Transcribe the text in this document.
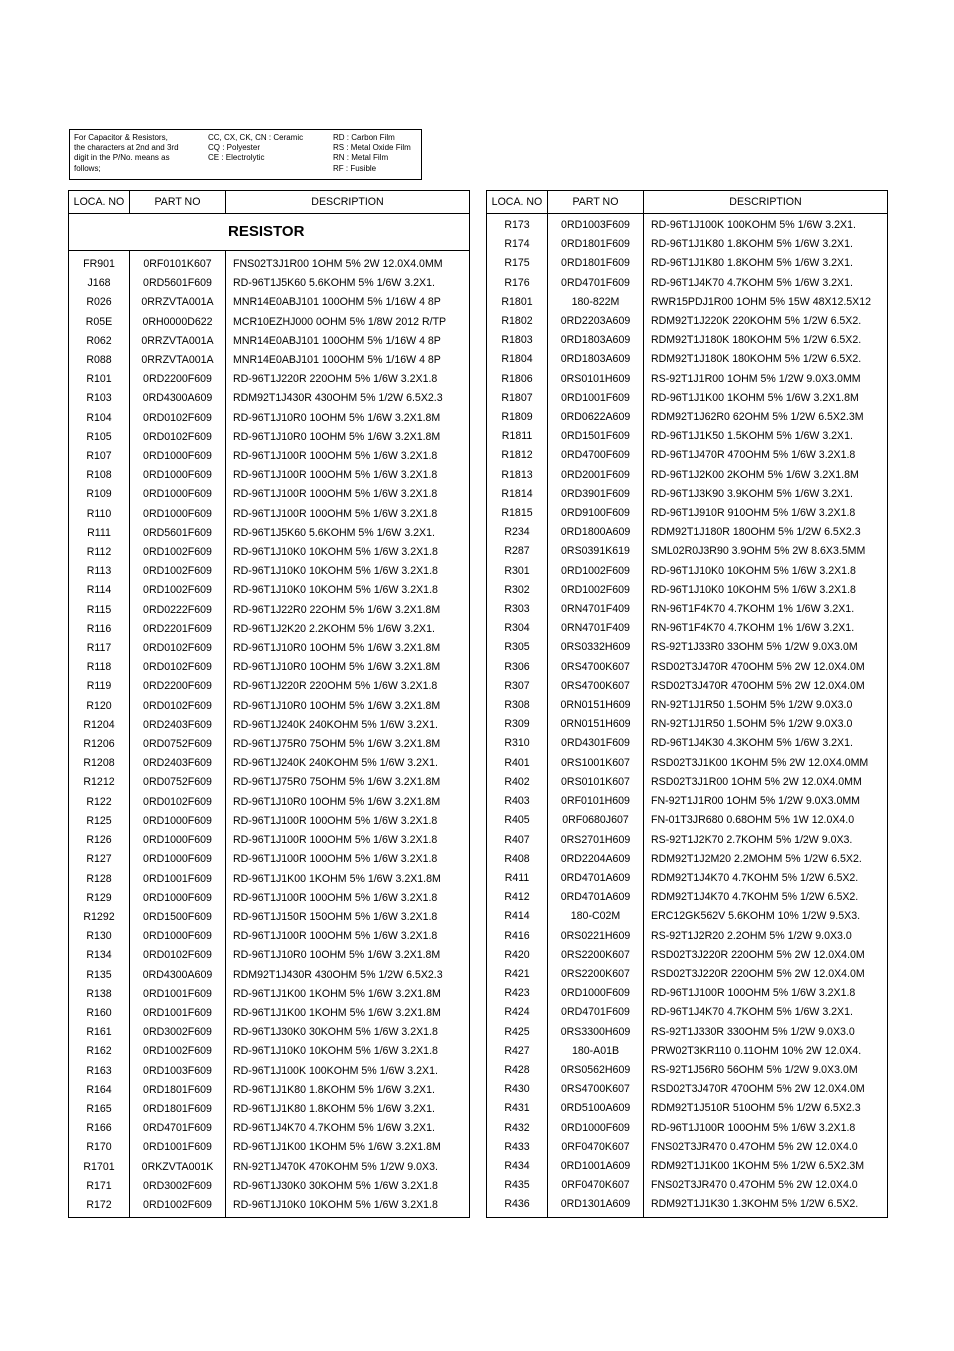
For Capacitor & Resistors,
the characters at 2nd and 3rd
digit in the P/No. means as
follows;
CC, CX, CK, CN : Ceramic
CQ : Polyester
CE : Electrolytic
RD : Carbon Film
RS : Metal Oxide Film
RN : Metal Film
RF : Fusible
LOCA. NO	PART NO	DESCRIPTION
RESISTOR		

FR901	0RF0101K607	FNS02T3J1R00 1OHM 5% 2W 12.0X4.0MM
J168	0RD5601F609	RD-96T1J5K60 5.6KOHM 5% 1/6W 3.2X1.
R026	0RRZVTA001A	MNR14E0ABJ101 100OHM 5% 1/16W 4 8P
R05E	0RH0000D622	MCR10EZHJ000 0OHM 5% 1/8W 2012 R/TP
R062	0RRZVTA001A	MNR14E0ABJ101 100OHM 5% 1/16W 4 8P
R088	0RRZVTA001A	MNR14E0ABJ101 100OHM 5% 1/16W 4 8P
R101	0RD2200F609	RD-96T1J220R 220OHM 5% 1/6W 3.2X1.8
R103	0RD4300A609	RDM92T1J430R 430OHM 5% 1/2W 6.5X2.3
R104	0RD0102F609	RD-96T1J10R0 10OHM 5% 1/6W 3.2X1.8M
R105	0RD0102F609	RD-96T1J10R0 10OHM 5% 1/6W 3.2X1.8M
R107	0RD1000F609	RD-96T1J100R 100OHM 5% 1/6W 3.2X1.8
R108	0RD1000F609	RD-96T1J100R 100OHM 5% 1/6W 3.2X1.8
R109	0RD1000F609	RD-96T1J100R 100OHM 5% 1/6W 3.2X1.8
R110	0RD1000F609	RD-96T1J100R 100OHM 5% 1/6W 3.2X1.8
R111	0RD5601F609	RD-96T1J5K60 5.6KOHM 5% 1/6W 3.2X1.
R112	0RD1002F609	RD-96T1J10K0 10KOHM 5% 1/6W 3.2X1.8
R113	0RD1002F609	RD-96T1J10K0 10KOHM 5% 1/6W 3.2X1.8
R114	0RD1002F609	RD-96T1J10K0 10KOHM 5% 1/6W 3.2X1.8
R115	0RD0222F609	RD-96T1J22R0 22OHM 5% 1/6W 3.2X1.8M
R116	0RD2201F609	RD-96T1J2K20 2.2KOHM 5% 1/6W 3.2X1.
R117	0RD0102F609	RD-96T1J10R0 10OHM 5% 1/6W 3.2X1.8M
R118	0RD0102F609	RD-96T1J10R0 10OHM 5% 1/6W 3.2X1.8M
R119	0RD2200F609	RD-96T1J220R 220OHM 5% 1/6W 3.2X1.8
R120	0RD0102F609	RD-96T1J10R0 10OHM 5% 1/6W 3.2X1.8M
R1204	0RD2403F609	RD-96T1J240K 240KOHM 5% 1/6W 3.2X1.
R1206	0RD0752F609	RD-96T1J75R0 75OHM 5% 1/6W 3.2X1.8M
R1208	0RD2403F609	RD-96T1J240K 240KOHM 5% 1/6W 3.2X1.
R1212	0RD0752F609	RD-96T1J75R0 75OHM 5% 1/6W 3.2X1.8M
R122	0RD0102F609	RD-96T1J10R0 10OHM 5% 1/6W 3.2X1.8M
R125	0RD1000F609	RD-96T1J100R 100OHM 5% 1/6W 3.2X1.8
R126	0RD1000F609	RD-96T1J100R 100OHM 5% 1/6W 3.2X1.8
R127	0RD1000F609	RD-96T1J100R 100OHM 5% 1/6W 3.2X1.8
R128	0RD1001F609	RD-96T1J1K00 1KOHM 5% 1/6W 3.2X1.8M
R129	0RD1000F609	RD-96T1J100R 100OHM 5% 1/6W 3.2X1.8
R1292	0RD1500F609	RD-96T1J150R 150OHM 5% 1/6W 3.2X1.8
R130	0RD1000F609	RD-96T1J100R 100OHM 5% 1/6W 3.2X1.8
R134	0RD0102F609	RD-96T1J10R0 10OHM 5% 1/6W 3.2X1.8M
R135	0RD4300A609	RDM92T1J430R 430OHM 5% 1/2W 6.5X2.3
R138	0RD1001F609	RD-96T1J1K00 1KOHM 5% 1/6W 3.2X1.8M
R160	0RD1001F609	RD-96T1J1K00 1KOHM 5% 1/6W 3.2X1.8M
R161	0RD3002F609	RD-96T1J30K0 30KOHM 5% 1/6W 3.2X1.8
R162	0RD1002F609	RD-96T1J10K0 10KOHM 5% 1/6W 3.2X1.8
R163	0RD1003F609	RD-96T1J100K 100KOHM 5% 1/6W 3.2X1.
R164	0RD1801F609	RD-96T1J1K80 1.8KOHM 5% 1/6W 3.2X1.
R165	0RD1801F609	RD-96T1J1K80 1.8KOHM 5% 1/6W 3.2X1.
R166	0RD4701F609	RD-96T1J4K70 4.7KOHM 5% 1/6W 3.2X1.
R170	0RD1001F609	RD-96T1J1K00 1KOHM 5% 1/6W 3.2X1.8M
R1701	0RKZVTA001K	RN-92T1J470K 470KOHM 5% 1/2W 9.0X3.
R171	0RD3002F609	RD-96T1J30K0 30KOHM 5% 1/6W 3.2X1.8
R172	0RD1002F609	RD-96T1J10K0 10KOHM 5% 1/6W 3.2X1.8

LOCA. NO	PART NO	DESCRIPTION

R173	0RD1003F609	RD-96T1J100K 100KOHM 5% 1/6W 3.2X1.
R174	0RD1801F609	RD-96T1J1K80 1.8KOHM 5% 1/6W 3.2X1.
R175	0RD1801F609	RD-96T1J1K80 1.8KOHM 5% 1/6W 3.2X1.
R176	0RD4701F609	RD-96T1J4K70 4.7KOHM 5% 1/6W 3.2X1.
R1801	180-822M	RWR15PDJ1R00 1OHM 5% 15W 48X12.5X12
R1802	0RD2203A609	RDM92T1J220K 220KOHM 5% 1/2W 6.5X2.
R1803	0RD1803A609	RDM92T1J180K 180KOHM 5% 1/2W 6.5X2.
R1804	0RD1803A609	RDM92T1J180K 180KOHM 5% 1/2W 6.5X2.
R1806	0RS0101H609	RS-92T1J1R00 1OHM 5% 1/2W 9.0X3.0MM
R1807	0RD1001F609	RD-96T1J1K00 1KOHM 5% 1/6W 3.2X1.8M
R1809	0RD0622A609	RDM92T1J62R0 62OHM 5% 1/2W 6.5X2.3M
R1811	0RD1501F609	RD-96T1J1K50 1.5KOHM 5% 1/6W 3.2X1.
R1812	0RD4700F609	RD-96T1J470R 470OHM 5% 1/6W 3.2X1.8
R1813	0RD2001F609	RD-96T1J2K00 2KOHM 5% 1/6W 3.2X1.8M
R1814	0RD3901F609	RD-96T1J3K90 3.9KOHM 5% 1/6W 3.2X1.
R1815	0RD9100F609	RD-96T1J910R 910OHM 5% 1/6W 3.2X1.8
R234	0RD1800A609	RDM92T1J180R 180OHM 5% 1/2W 6.5X2.3
R287	0RS0391K619	SML02R0J3R90 3.9OHM 5% 2W 8.6X3.5MM
R301	0RD1002F609	RD-96T1J10K0 10KOHM 5% 1/6W 3.2X1.8
R302	0RD1002F609	RD-96T1J10K0 10KOHM 5% 1/6W 3.2X1.8
R303	0RN4701F409	RN-96T1F4K70 4.7KOHM 1% 1/6W 3.2X1.
R304	0RN4701F409	RN-96T1F4K70 4.7KOHM 1% 1/6W 3.2X1.
R305	0RS0332H609	RS-92T1J33R0 33OHM 5% 1/2W 9.0X3.0M
R306	0RS4700K607	RSD02T3J470R 470OHM 5% 2W 12.0X4.0M
R307	0RS4700K607	RSD02T3J470R 470OHM 5% 2W 12.0X4.0M
R308	0RN0151H609	RN-92T1J1R50 1.5OHM 5% 1/2W 9.0X3.0
R309	0RN0151H609	RN-92T1J1R50 1.5OHM 5% 1/2W 9.0X3.0
R310	0RD4301F609	RD-96T1J4K30 4.3KOHM 5% 1/6W 3.2X1.
R401	0RS1001K607	RSD02T3J1K00 1KOHM 5% 2W 12.0X4.0MM
R402	0RS0101K607	RSD02T3J1R00 1OHM 5% 2W 12.0X4.0MM
R403	0RF0101H609	FN-92T1J1R00 1OHM 5% 1/2W 9.0X3.0MM
R405	0RF0680J607	FN-01T3JR680 0.68OHM 5% 1W 12.0X4.0
R407	0RS2701H609	RS-92T1J2K70 2.7KOHM 5% 1/2W 9.0X3.
R408	0RD2204A609	RDM92T1J2M20 2.2MOHM 5% 1/2W 6.5X2.
R411	0RD4701A609	RDM92T1J4K70 4.7KOHM 5% 1/2W 6.5X2.
R412	0RD4701A609	RDM92T1J4K70 4.7KOHM 5% 1/2W 6.5X2.
R414	180-C02M	ERC12GK562V 5.6KOHM 10% 1/2W 9.5X3.
R416	0RS0221H609	RS-92T1J2R20 2.2OHM 5% 1/2W 9.0X3.0
R420	0RS2200K607	RSD02T3J220R 220OHM 5% 2W 12.0X4.0M
R421	0RS2200K607	RSD02T3J220R 220OHM 5% 2W 12.0X4.0M
R423	0RD1000F609	RD-96T1J100R 100OHM 5% 1/6W 3.2X1.8
R424	0RD4701F609	RD-96T1J4K70 4.7KOHM 5% 1/6W 3.2X1.
R425	0RS3300H609	RS-92T1J330R 330OHM 5% 1/2W 9.0X3.0
R427	180-A01B	PRW02T3KR110 0.11OHM 10% 2W 12.0X4.
R428	0RS0562H609	RS-92T1J56R0 56OHM 5% 1/2W 9.0X3.0M
R430	0RS4700K607	RSD02T3J470R 470OHM 5% 2W 12.0X4.0M
R431	0RD5100A609	RDM92T1J510R 510OHM 5% 1/2W 6.5X2.3
R432	0RD1000F609	RD-96T1J100R 100OHM 5% 1/6W 3.2X1.8
R433	0RF0470K607	FNS02T3JR470 0.47OHM 5% 2W 12.0X4.0
R434	0RD1001A609	RDM92T1J1K00 1KOHM 5% 1/2W 6.5X2.3M
R435	0RF0470K607	FNS02T3JR470 0.47OHM 5% 2W 12.0X4.0
R436	0RD1301A609	RDM92T1J1K30 1.3KOHM 5% 1/2W 6.5X2.
